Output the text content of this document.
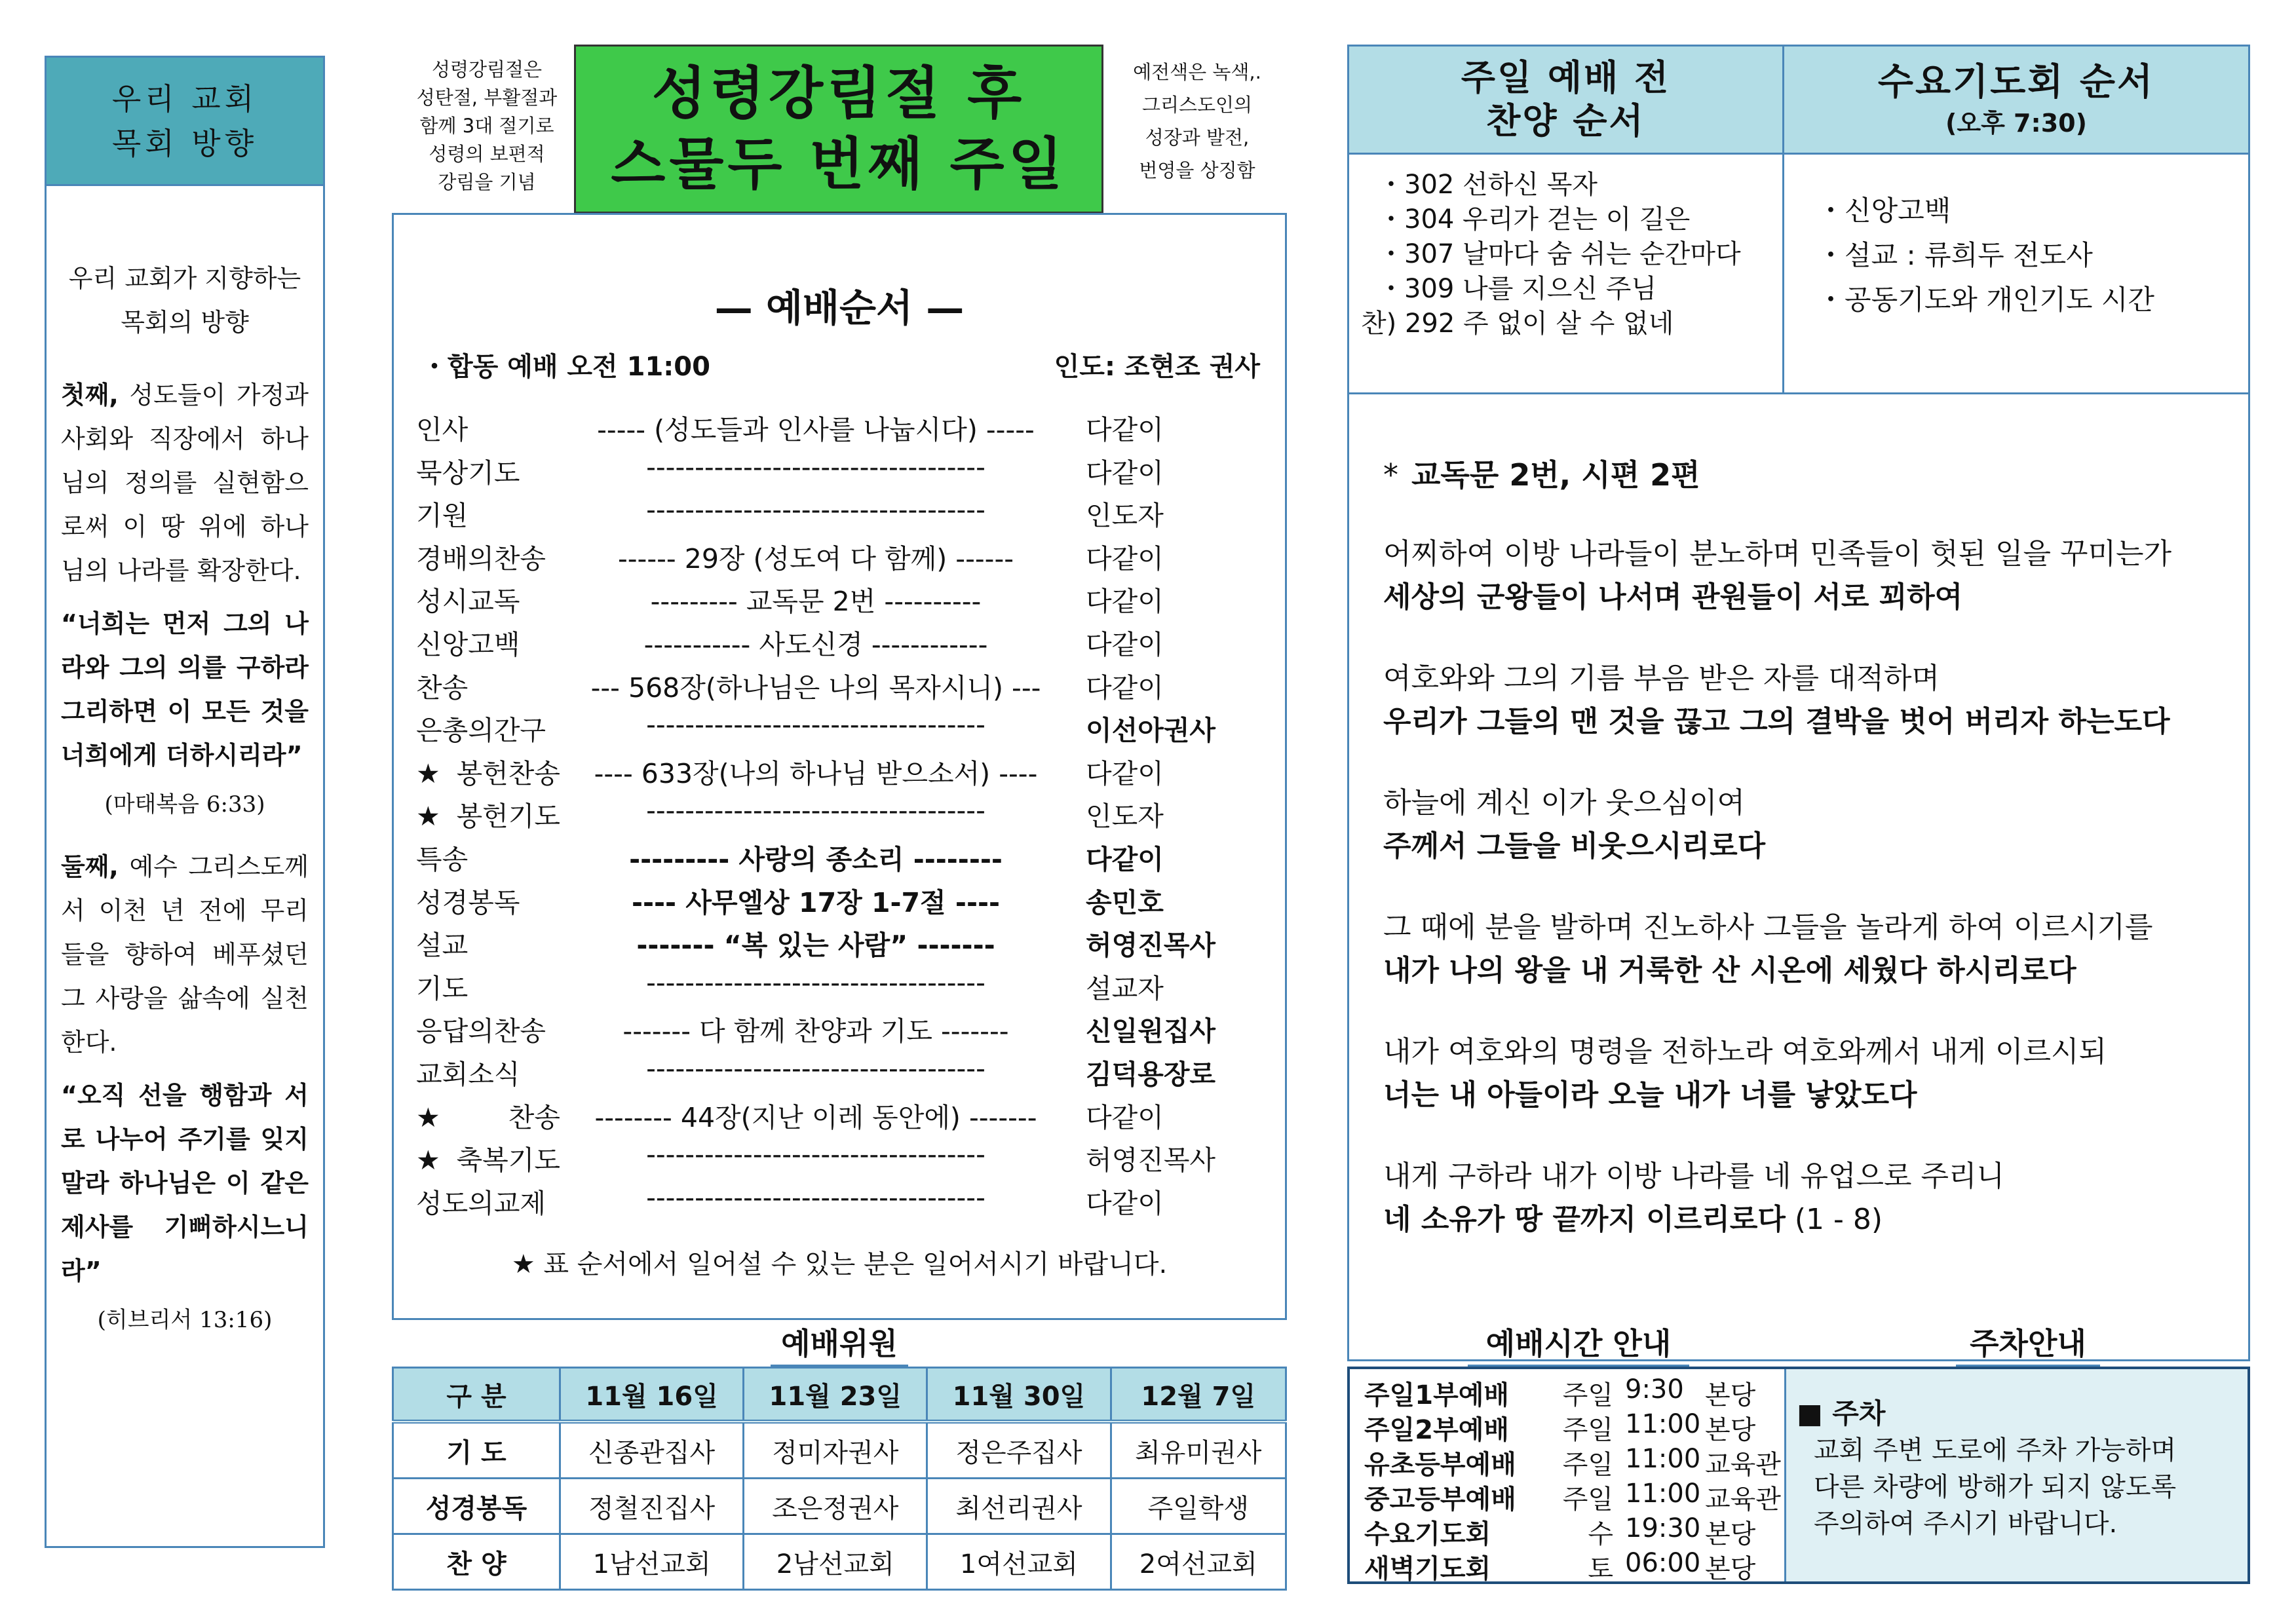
우리 교회
목회 방향

우리 교회가 지향하는
목회의 방향

첫째, 성도들이 가정과 사회와 직장에서 하나님의 정의를 실현함으로써 이 땅 위에 하나님의 나라를 확장한다.

“너희는 먼저 그의 나라와 그의 의를 구하라 그리하면 이 모든 것을 너희에게 더하시리라”

(마태복음 6:33)

둘째, 예수 그리스도께서 이천 년 전에 무리들을 향하여 베푸셨던 그 사랑을 삶속에 실천한다.

“오직 선을 행함과 서로 나누어 주기를 잊지 말라 하나님은 이 같은 제사를 기뻐하시느니라”

(히브리서 13:16)

성령강림절은
성탄절, 부활절과
함께 3대 절기로
성령의 보편적
강림을 기념
성령강림절 후
스물두 번째 주일
예전색은 녹색,.
그리스도인의
성장과 발전,
번영을 상징함
— 예배순서 —
・합동 예배 오전 11:00	인도: 조현조 권사
인사	----- (성도들과 인사를 나눕시다) -----	다같이
묵상기도	-----------------------------------	다같이
기원	-----------------------------------	인도자
경배의찬송	------ 29장 (성도여 다 함께) ------	다같이
성시교독	--------- 교독문 2번 ----------	다같이
신앙고백	----------- 사도신경 ------------	다같이
찬송	--- 568장(하나님은 나의 목자시니) ---	다같이
은총의간구	-----------------------------------	이선아권사
★봉헌찬송	---- 633장(나의 하나님 받으소서) ----	다같이
★봉헌기도	-----------------------------------	인도자
특송	--------- 사랑의 종소리 --------	다같이
성경봉독	---- 사무엘상 17장 1-7절 ----	송민호
설교	------- “복 있는 사람” -------	허영진목사
기도	-----------------------------------	설교자
응답의찬송	------- 다 함께 찬양과 기도 -------	신일원집사
교회소식	-----------------------------------	김덕용장로
★찬송	-------- 44장(지난 이레 동안에) -------	다같이
★축복기도	-----------------------------------	허영진목사
성도의교제	-----------------------------------	다같이
★ 표 순서에서 일어설 수 있는 분은 일어서시기 바랍니다.
예배위원
구 분	11월 16일	11월 23일	11월 30일	12월 7일
기 도	신종관집사	정미자권사	정은주집사	최유미권사
성경봉독	정철진집사	조은정권사	최선리권사	주일학생
찬 양	1남선교회	2남선교회	1여선교회	2여선교회
주일 예배 전
찬양 순서
수요기도회 순서
(오후 7:30)
・302 선하신 목자
・304 우리가 걷는 이 길은
・307 날마다 숨 쉬는 순간마다
・309 나를 지으신 주님
찬) 292 주 없이 살 수 없네
・신앙고백
・설교 : 류희두 전도사
・공동기도와 개인기도 시간
* 교독문 2번, 시편 2편
어찌하여 이방 나라들이 분노하며 민족들이 헛된 일을 꾸미는가
세상의 군왕들이 나서며 관원들이 서로 꾀하여
여호와와 그의 기름 부음 받은 자를 대적하며
우리가 그들의 맨 것을 끊고 그의 결박을 벗어 버리자 하는도다
하늘에 계신 이가 웃으심이여
주께서 그들을 비웃으시리로다
그 때에 분을 발하며 진노하사 그들을 놀라게 하여 이르시기를
내가 나의 왕을 내 거룩한 산 시온에 세웠다 하시리로다
내가 여호와의 명령을 전하노라 여호와께서 내게 이르시되
너는 내 아들이라 오늘 내가 너를 낳았도다
내게 구하라 내가 이방 나라를 네 유업으로 주리니
네 소유가 땅 끝까지 이르리로다 (1 - 8)
예배시간 안내	주차안내
주일1부예배 주일 9:30 본당
주일2부예배 주일 11:00 본당
유초등부예배 주일 11:00 교육관
중고등부예배 주일 11:00 교육관
수요기도회	수 19:30 본당
새벽기도회	토 06:00 본당
■ 주차
교회 주변 도로에 주차 가능하며
다른 차량에 방해가 되지 않도록
주의하여 주시기 바랍니다.
